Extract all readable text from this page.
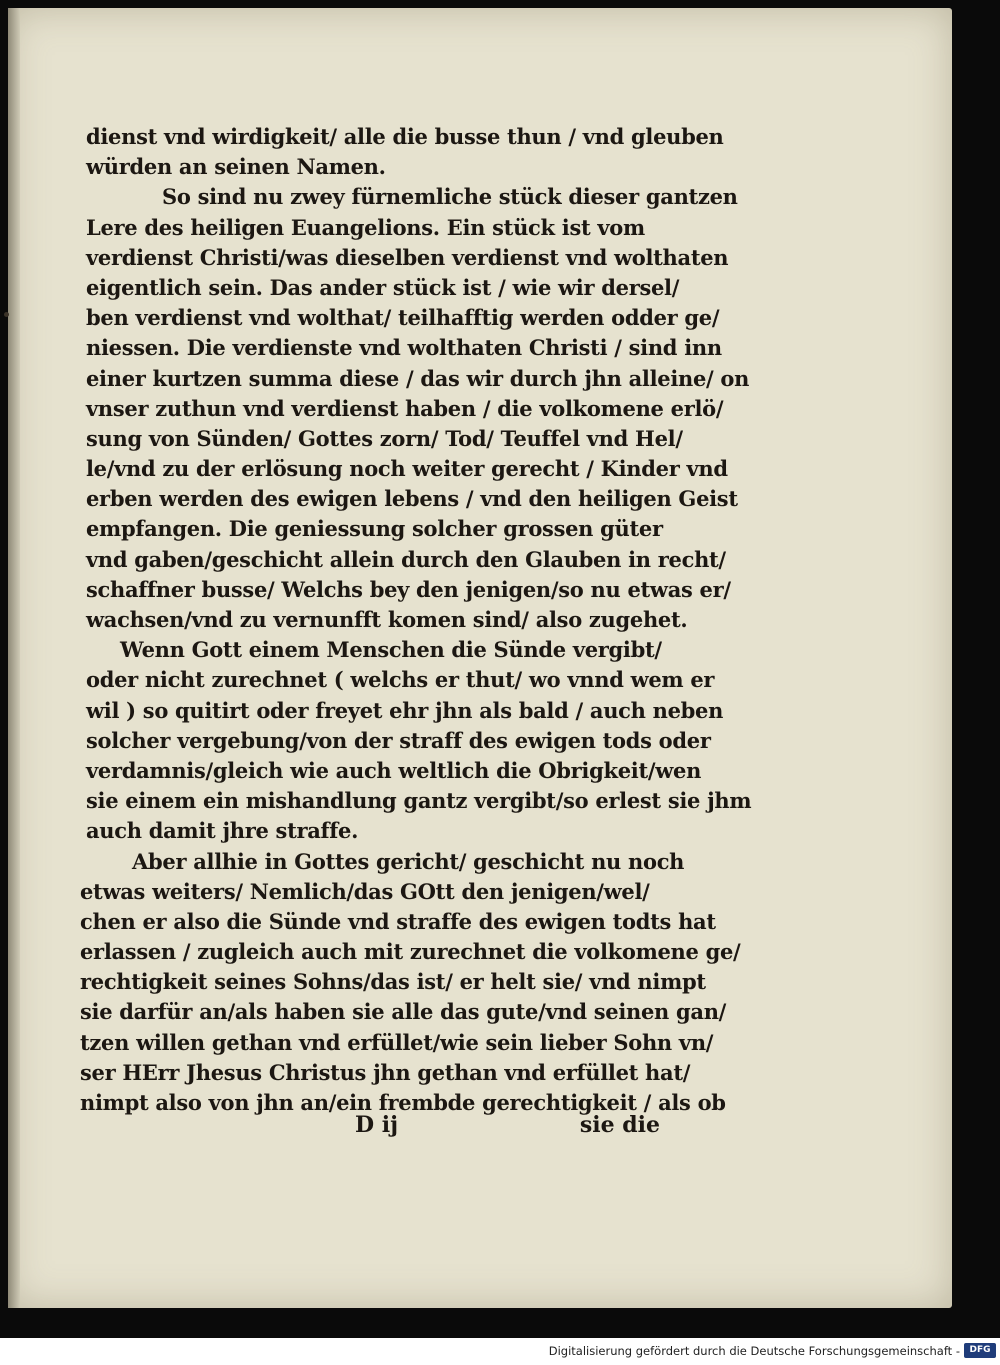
dienst vnd wirdigkeit/ alle die busse thun / vnd gleuben
würden an seinen Namen.
So sind nu zwey fürnemliche stück dieser gantzen
Lere des heiligen Euangelions. Ein stück ist vom
verdienst Christi/was dieselben verdienst vnd wolthaten
eigentlich sein. Das ander stück ist / wie wir dersel/
ben verdienst vnd wolthat/ teilhafftig werden odder ge/
niessen. Die verdienste vnd wolthaten Christi / sind inn
einer kurtzen summa diese / das wir durch jhn alleine/ on
vnser zuthun vnd verdienst haben / die volkomene erlö/
sung von Sünden/ Gottes zorn/ Tod/ Teuffel vnd Hel/
le/vnd zu der erlösung noch weiter gerecht / Kinder vnd
erben werden des ewigen lebens / vnd den heiligen Geist
empfangen. Die geniessung solcher grossen güter
vnd gaben/geschicht allein durch den Glauben in recht/
schaffner busse/ Welchs bey den jenigen/so nu etwas er/
wachsen/vnd zu vernunfft komen sind/ also zugehet.
Wenn Gott einem Menschen die Sünde vergibt/
oder nicht zurechnet ( welchs er thut/ wo vnnd wem er
wil ) so quitirt oder freyet ehr jhn als bald / auch neben
solcher vergebung/von der straff des ewigen tods oder
verdamnis/gleich wie auch weltlich die Obrigkeit/wen
sie einem ein mishandlung gantz vergibt/so erlest sie jhm
auch damit jhre straffe.
Aber allhie in Gottes gericht/ geschicht nu noch
etwas weiters/ Nemlich/das GOtt den jenigen/wel/
chen er also die Sünde vnd straffe des ewigen todts hat
erlassen / zugleich auch mit zurechnet die volkomene ge/
rechtigkeit seines Sohns/das ist/ er helt sie/ vnd nimpt
sie darfür an/als haben sie alle das gute/vnd seinen gan/
tzen willen gethan vnd erfüllet/wie sein lieber Sohn vn/
ser HErr Jhesus Christus jhn gethan vnd erfüllet hat/
nimpt also von jhn an/ein frembde gerechtigkeit / als ob
D ij	sie die
Digitalisierung gefördert durch die Deutsche Forschungsgemeinschaft -	DFG
